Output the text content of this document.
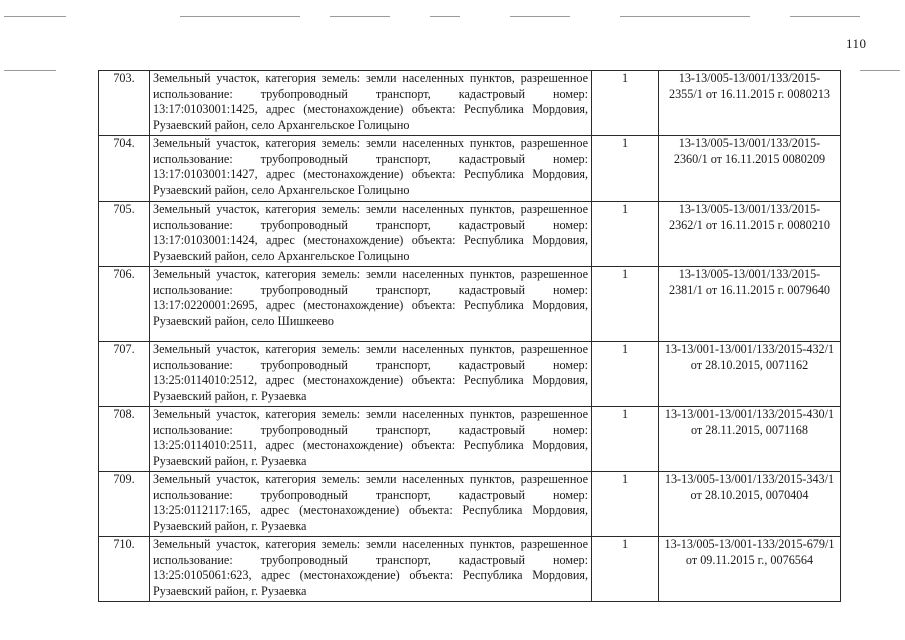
110
703.	Земельный участок, категория земель: земли населенных пунктов, разрешенное использование: трубопроводный транспорт, кадастровый номер: 13:17:0103001:1425, адрес (местонахождение) объекта: Республика Мордовия, Рузаевский район, село Архангельское Голицыно	1	13-13/005-13/001/133/2015-2355/1 от 16.11.2015 г. 0080213
704.	Земельный участок, категория земель: земли населенных пунктов, разрешенное использование: трубопроводный транспорт, кадастровый номер: 13:17:0103001:1427, адрес (местонахождение) объекта: Республика Мордовия, Рузаевский район, село Архангельское Голицыно	1	13-13/005-13/001/133/2015-2360/1 от 16.11.2015 0080209
705.	Земельный участок, категория земель: земли населенных пунктов, разрешенное использование: трубопроводный транспорт, кадастровый номер: 13:17:0103001:1424, адрес (местонахождение) объекта: Республика Мордовия, Рузаевский район, село Архангельское Голицыно	1	13-13/005-13/001/133/2015-2362/1 от 16.11.2015 г. 0080210
706.	Земельный участок, категория земель: земли населенных пунктов, разрешенное использование: трубопроводный транспорт, кадастровый номер: 13:17:0220001:2695, адрес (местонахождение) объекта: Республика Мордовия, Рузаевский район, село Шишкеево	1	13-13/005-13/001/133/2015-2381/1 от 16.11.2015 г. 0079640
707.	Земельный участок, категория земель: земли населенных пунктов, разрешенное использование: трубопроводный транспорт, кадастровый номер: 13:25:0114010:2512, адрес (местонахождение) объекта: Республика Мордовия, Рузаевский район, г. Рузаевка	1	13-13/001-13/001/133/2015-432/1 от 28.10.2015, 0071162
708.	Земельный участок, категория земель: земли населенных пунктов, разрешенное использование: трубопроводный транспорт, кадастровый номер: 13:25:0114010:2511, адрес (местонахождение) объекта: Республика Мордовия, Рузаевский район, г. Рузаевка	1	13-13/001-13/001/133/2015-430/1 от 28.11.2015, 0071168
709.	Земельный участок, категория земель: земли населенных пунктов, разрешенное использование: трубопроводный транспорт, кадастровый номер: 13:25:0112117:165, адрес (местонахождение) объекта: Республика Мордовия, Рузаевский район, г. Рузаевка	1	13-13/005-13/001/133/2015-343/1 от 28.10.2015, 0070404
710.	Земельный участок, категория земель: земли населенных пунктов, разрешенное использование: трубопроводный транспорт, кадастровый номер: 13:25:0105061:623, адрес (местонахождение) объекта: Республика Мордовия, Рузаевский район, г. Рузаевка	1	13-13/005-13/001-133/2015-679/1 от 09.11.2015 г., 0076564
